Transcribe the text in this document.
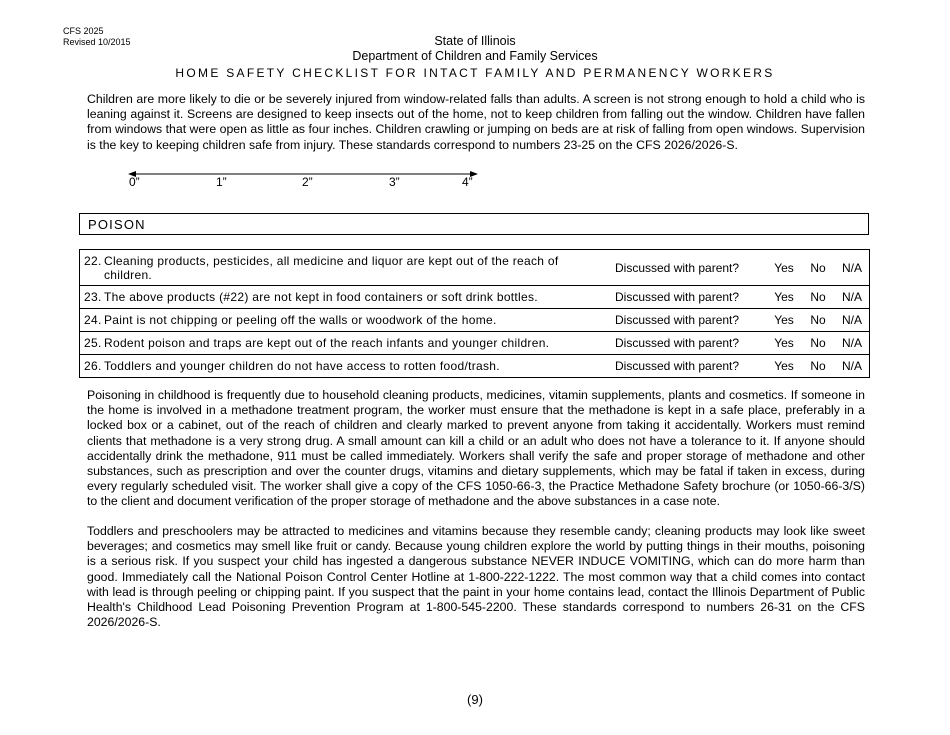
CFS 2025
Revised 10/2015	State of Illinois
Department of Children and Family Services
HOME SAFETY CHECKLIST FOR INTACT FAMILY AND PERMANENCY WORKERS
Children are more likely to die or be severely injured from window-related falls than adults. A screen is not strong enough to hold a child who is leaning against it. Screens are designed to keep insects out of the home, not to keep children from falling out the window. Children have fallen from windows that were open as little as four inches. Children crawling or jumping on beds are at risk of falling from open windows. Supervision is the key to keeping children safe from injury. These standards correspond to numbers 23-25 on the CFS 2026/2026-S.
0”	1”	2”	3”	4”
POISON
22. Cleaning products, pesticides, all medicine and liquor are kept out of the reach of children.	Discussed with parent? Yes No N/A

23. The above products (#22) are not kept in food containers or soft drink bottles.	Discussed with parent? Yes No N/A

24. Paint is not chipping or peeling off the walls or woodwork of the home.	Discussed with parent? Yes No N/A

25. Rodent poison and traps are kept out of the reach infants and younger children.	Discussed with parent? Yes No N/A

26. Toddlers and younger children do not have access to rotten food/trash.	Discussed with parent? Yes No N/A
Poisoning in childhood is frequently due to household cleaning products, medicines, vitamin supplements, plants and cosmetics. If someone in the home is involved in a methadone treatment program, the worker must ensure that the methadone is kept in a safe place, preferably in a locked box or a cabinet, out of the reach of children and clearly marked to prevent anyone from taking it accidentally. Workers must remind clients that methadone is a very strong drug. A small amount can kill a child or an adult who does not have a tolerance to it. If anyone should accidentally drink the methadone, 911 must be called immediately. Workers shall verify the safe and proper storage of methadone and other substances, such as prescription and over the counter drugs, vitamins and dietary supplements, which may be fatal if taken in excess, during every regularly scheduled visit. The worker shall give a copy of the CFS 1050-66-3, the Practice Methadone Safety brochure (or 1050-66-3/S) to the client and document verification of the proper storage of methadone and the above substances in a case note.
Toddlers and preschoolers may be attracted to medicines and vitamins because they resemble candy; cleaning products may look like sweet beverages; and cosmetics may smell like fruit or candy. Because young children explore the world by putting things in their mouths, poisoning is a serious risk. If you suspect your child has ingested a dangerous substance NEVER INDUCE VOMITING, which can do more harm than good. Immediately call the National Poison Control Center Hotline at 1-800-222-1222. The most common way that a child comes into contact with lead is through peeling or chipping paint. If you suspect that the paint in your home contains lead, contact the Illinois Department of Public Health's Childhood Lead Poisoning Prevention Program at 1-800-545-2200. These standards correspond to numbers 26-31 on the CFS 2026/2026-S.
(9)
